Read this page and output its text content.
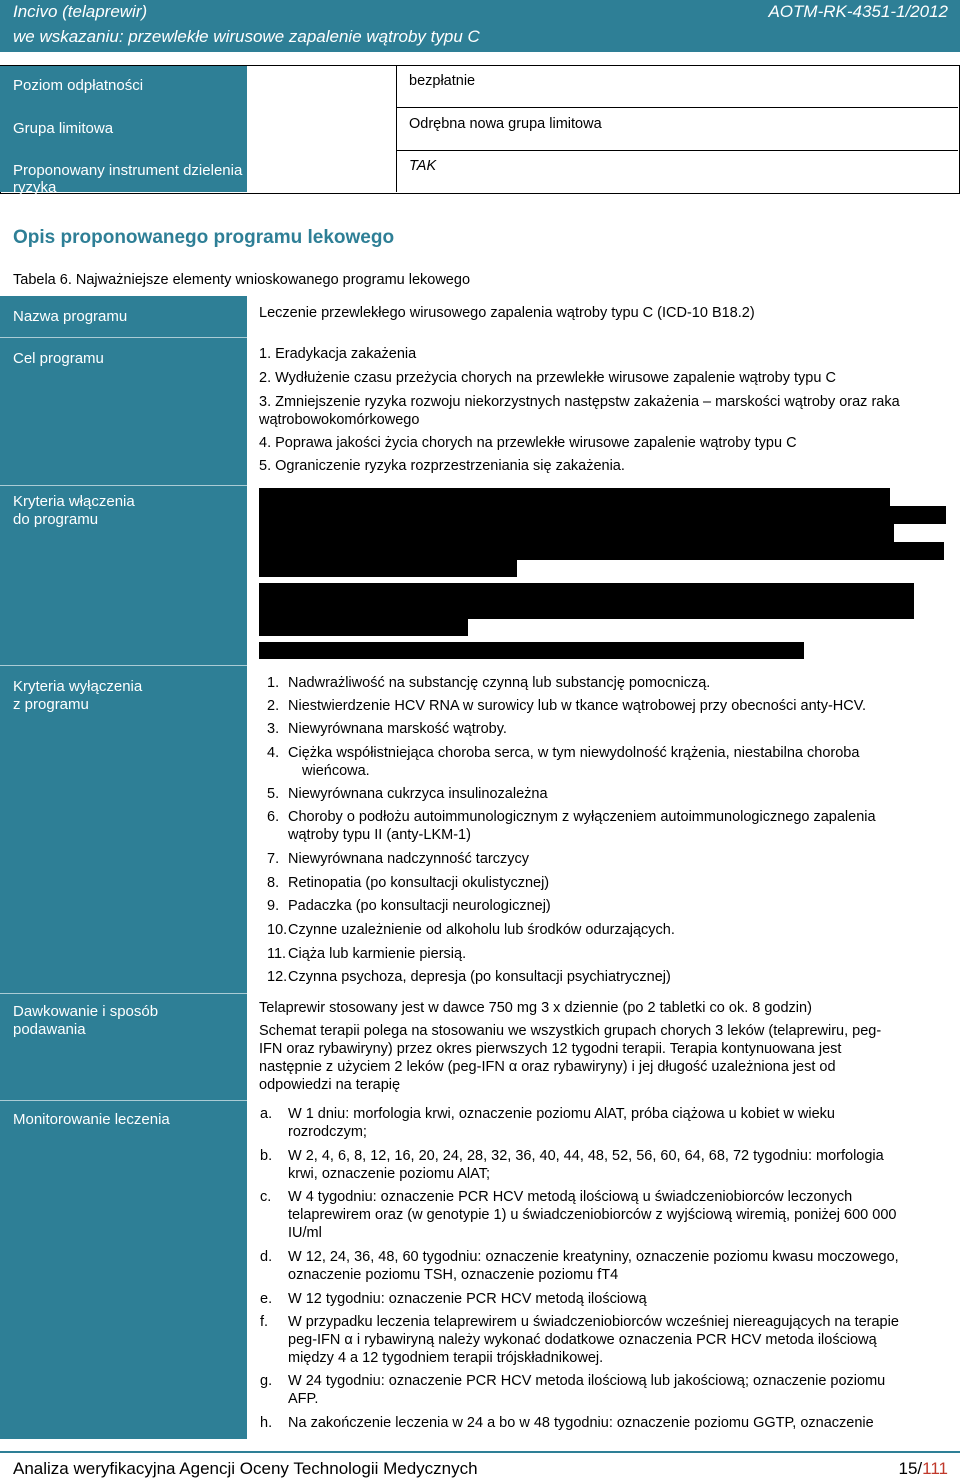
Incivo (telaprewir)
we wskazaniu: przewlekłe wirusowe zapalenie wątroby typu C
AOTM-RK-4351-1/2012
Poziom odpłatności
Grupa limitowa
Proponowany instrument dzielenia ryzyka
bezpłatnie
Odrębna nowa grupa limitowa
TAK
Opis proponowanego programu lekowego
Tabela 6. Najważniejsze elementy wnioskowanego programu lekowego
Nazwa programu
Cel programu
Kryteria włączenia
do programu
Kryteria wyłączenia
z programu
Dawkowanie i sposób
podawania
Monitorowanie leczenia
Leczenie przewlekłego wirusowego zapalenia wątroby typu C (ICD-10 B18.2)
1. Eradykacja zakażenia
2. Wydłużenie czasu przeżycia chorych na przewlekłe wirusowe zapalenie wątroby typu C
3. Zmniejszenie ryzyka rozwoju niekorzystnych następstw zakażenia – marskości wątroby oraz raka
wątrobowokomórkowego
4. Poprawa jakości życia chorych na przewlekłe wirusowe zapalenie wątroby typu C
5. Ograniczenie ryzyka rozprzestrzeniania się zakażenia.
1. Nadwrażliwość na substancję czynną lub substancję pomocniczą.
2. Niestwierdzenie HCV RNA w surowicy lub w tkance wątrobowej przy obecności anty-HCV.
3. Niewyrównana marskość wątroby.
4. Ciężka współistniejąca choroba serca, w tym niewydolność krążenia, niestabilna choroba
wieńcowa.
5. Niewyrównana cukrzyca insulinozależna
6. Choroby o podłożu autoimmunologicznym z wyłączeniem autoimmunologicznego zapalenia
wątroby typu II (anty-LKM-1)
7. Niewyrównana nadczynność tarczycy
8. Retinopatia (po konsultacji okulistycznej)
9. Padaczka (po konsultacji neurologicznej)
10. Czynne uzależnienie od alkoholu lub środków odurzających.
11. Ciąża lub karmienie piersią.
12. Czynna psychoza, depresja (po konsultacji psychiatrycznej)
Telaprewir stosowany jest w dawce 750 mg 3 x dziennie (po 2 tabletki co ok. 8 godzin)
Schemat terapii polega na stosowaniu we wszystkich grupach chorych 3 leków (telaprewiru, peg-
IFN oraz rybawiryny) przez okres pierwszych 12 tygodni terapii. Terapia kontynuowana jest
następnie z użyciem 2 leków (peg-IFN α oraz rybawiryny) i jej długość uzależniona jest od
odpowiedzi na terapię
a. W 1 dniu: morfologia krwi, oznaczenie poziomu AlAT, próba ciążowa u kobiet w wieku
rozrodczym;
b. W 2, 4, 6, 8, 12, 16, 20, 24, 28, 32, 36, 40, 44, 48, 52, 56, 60, 64, 68, 72 tygodniu: morfologia
krwi, oznaczenie poziomu AlAT;
c. W 4 tygodniu: oznaczenie PCR HCV metodą ilościową u świadczeniobiorców leczonych
telaprewirem oraz (w genotypie 1) u świadczeniobiorców z wyjściową wiremią, poniżej 600 000
IU/ml
d. W 12, 24, 36, 48, 60 tygodniu: oznaczenie kreatyniny, oznaczenie poziomu kwasu moczowego,
oznaczenie poziomu TSH, oznaczenie poziomu fT4
e. W 12 tygodniu: oznaczenie PCR HCV metodą ilościową
f. W przypadku leczenia telaprewirem u świadczeniobiorców wcześniej niereagujących na terapie
peg-IFN α i rybawiryną należy wykonać dodatkowe oznaczenia PCR HCV metoda ilościową
między 4 a 12 tygodniem terapii trójskładnikowej.
g. W 24 tygodniu: oznaczenie PCR HCV metoda ilościową lub jakościową; oznaczenie poziomu
AFP.
h. Na zakończenie leczenia w 24 a bo w 48 tygodniu: oznaczenie poziomu GGTP, oznaczenie
Analiza weryfikacyjna Agencji Oceny Technologii Medycznych	15/111
